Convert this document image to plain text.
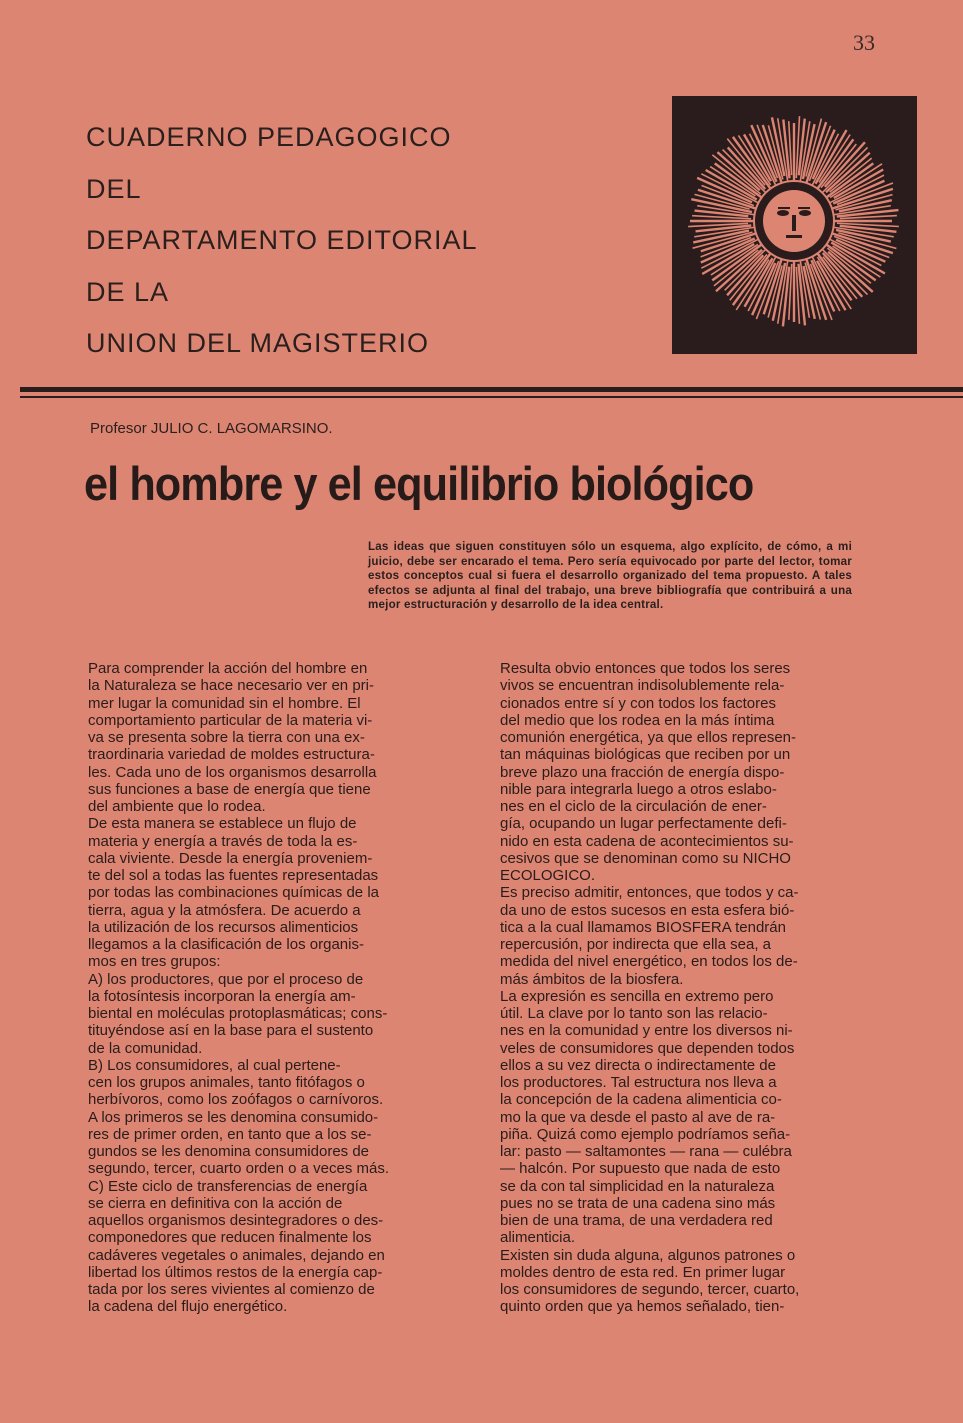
33
CUADERNO PEDAGOGICO
DEL
DEPARTAMENTO EDITORIAL
DE LA
UNION DEL MAGISTERIO
Profesor JULIO C. LAGOMARSINO.
el hombre y el equilibrio biológico
Las ideas que siguen constituyen sólo un esquema, algo explícito, de cómo, a mi juicio, debe ser encarado el tema. Pero sería equivocado por parte del lector, tomar estos conceptos cual si fuera el desarrollo organizado del tema propuesto. A tales efectos se adjunta al final del trabajo, una breve bibliografía que contribuirá a una mejor estructuración y desarrollo de la idea central.
Para comprender la acción del hombre en
la Naturaleza se hace necesario ver en pri-
mer lugar la comunidad sin el hombre. El
comportamiento particular de la materia vi-
va se presenta sobre la tierra con una ex-
traordinaria variedad de moldes estructura-
les. Cada uno de los organismos desarrolla
sus funciones a base de energía que tiene
del ambiente que lo rodea.
De esta manera se establece un flujo de
materia y energía a través de toda la es-
cala viviente. Desde la energía proveniem-
te del sol a todas las fuentes representadas
por todas las combinaciones químicas de la
tierra, agua y la atmósfera. De acuerdo a
la utilización de los recursos alimenticios
llegamos a la clasificación de los organis-
mos en tres grupos:
A) los productores, que por el proceso de
la fotosíntesis incorporan la energía am-
biental en moléculas protoplasmáticas; cons-
tituyéndose así en la base para el sustento
de la comunidad.
B) Los consumidores, al cual pertene-
cen los grupos animales, tanto fitófagos o
herbívoros, como los zoófagos o carnívoros.
A los primeros se les denomina consumido-
res de primer orden, en tanto que a los se-
gundos se les denomina consumidores de
segundo, tercer, cuarto orden o a veces más.
C) Este ciclo de transferencias de energía
se cierra en definitiva con la acción de
aquellos organismos desintegradores o des-
componedores que reducen finalmente los
cadáveres vegetales o animales, dejando en
libertad los últimos restos de la energía cap-
tada por los seres vivientes al comienzo de
la cadena del flujo energético.
Resulta obvio entonces que todos los seres
vivos se encuentran indisolublemente rela-
cionados entre sí y con todos los factores
del medio que los rodea en la más íntima
comunión energética, ya que ellos represen-
tan máquinas biológicas que reciben por un
breve plazo una fracción de energía dispo-
nible para integrarla luego a otros eslabo-
nes en el ciclo de la circulación de ener-
gía, ocupando un lugar perfectamente defi-
nido en esta cadena de acontecimientos su-
cesivos que se denominan como su NICHO
ECOLOGICO.
Es preciso admitir, entonces, que todos y ca-
da uno de estos sucesos en esta esfera bió-
tica a la cual llamamos BIOSFERA tendrán
repercusión, por indirecta que ella sea, a
medida del nivel energético, en todos los de-
más ámbitos de la biosfera.
La expresión es sencilla en extremo pero
útil. La clave por lo tanto son las relacio-
nes en la comunidad y entre los diversos ni-
veles de consumidores que dependen todos
ellos a su vez directa o indirectamente de
los productores. Tal estructura nos lleva a
la concepción de la cadena alimenticia co-
mo la que va desde el pasto al ave de ra-
piña. Quizá como ejemplo podríamos seña-
lar: pasto — saltamontes — rana — culébra
— halcón. Por supuesto que nada de esto
se da con tal simplicidad en la naturaleza
pues no se trata de una cadena sino más
bien de una trama, de una verdadera red
alimenticia.
Existen sin duda alguna, algunos patrones o
moldes dentro de esta red. En primer lugar
los consumidores de segundo, tercer, cuarto,
quinto orden que ya hemos señalado, tien-
